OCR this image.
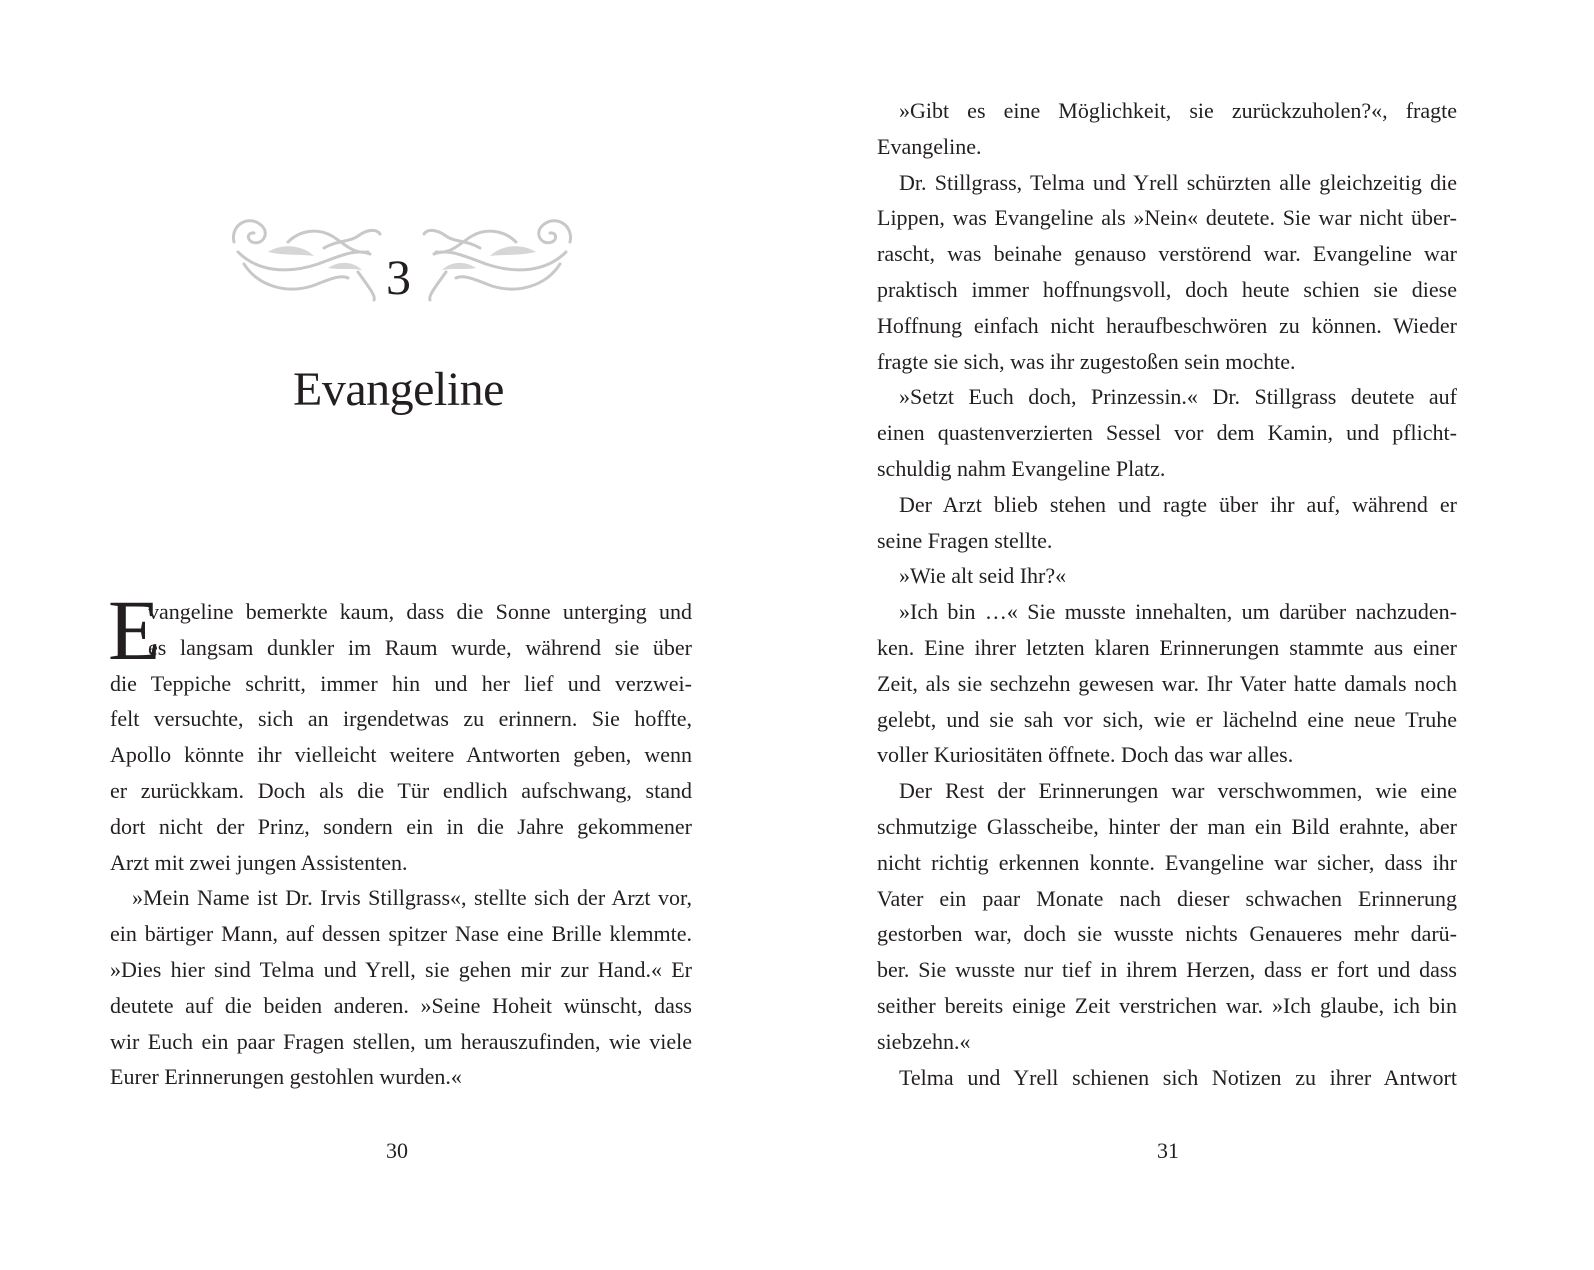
3
Evangeline
E
vangeline bemerkte kaum, dass die Sonne unterging und
es langsam dunkler im Raum wurde, während sie über
die Teppiche schritt, immer hin und her lief und verzwei-
felt versuchte, sich an irgendetwas zu erinnern. Sie hoffte,
Apollo könnte ihr vielleicht weitere Antworten geben, wenn
er zurückkam. Doch als die Tür endlich aufschwang, stand
dort nicht der Prinz, sondern ein in die Jahre gekommener
Arzt mit zwei jungen Assistenten.
»Mein Name ist Dr. Irvis Stillgrass«, stellte sich der Arzt vor,
ein bärtiger Mann, auf dessen spitzer Nase eine Brille klemmte.
»Dies hier sind Telma und Yrell, sie gehen mir zur Hand.« Er
deutete auf die beiden anderen. »Seine Hoheit wünscht, dass
wir Euch ein paar Fragen stellen, um herauszufinden, wie viele
Eurer Erinnerungen gestohlen wurden.«
30
»Gibt es eine Möglichkeit, sie zurückzuholen?«, fragte
Evangeline.
Dr. Stillgrass, Telma und Yrell schürzten alle gleichzeitig die
Lippen, was Evangeline als »Nein« deutete. Sie war nicht über-
rascht, was beinahe genauso verstörend war. Evangeline war
praktisch immer hoffnungsvoll, doch heute schien sie diese
Hoffnung einfach nicht heraufbeschwören zu können. Wieder
fragte sie sich, was ihr zugestoßen sein mochte.
»Setzt Euch doch, Prinzessin.« Dr. Stillgrass deutete auf
einen quastenverzierten Sessel vor dem Kamin, und pflicht-
schuldig nahm Evangeline Platz.
Der Arzt blieb stehen und ragte über ihr auf, während er
seine Fragen stellte.
»Wie alt seid Ihr?«
»Ich bin …« Sie musste innehalten, um darüber nachzuden-
ken. Eine ihrer letzten klaren Erinnerungen stammte aus einer
Zeit, als sie sechzehn gewesen war. Ihr Vater hatte damals noch
gelebt, und sie sah vor sich, wie er lächelnd eine neue Truhe
voller Kuriositäten öffnete. Doch das war alles.
Der Rest der Erinnerungen war verschwommen, wie eine
schmutzige Glasscheibe, hinter der man ein Bild erahnte, aber
nicht richtig erkennen konnte. Evangeline war sicher, dass ihr
Vater ein paar Monate nach dieser schwachen Erinnerung
gestorben war, doch sie wusste nichts Genaueres mehr darü-
ber. Sie wusste nur tief in ihrem Herzen, dass er fort und dass
seither bereits einige Zeit verstrichen war. »Ich glaube, ich bin
siebzehn.«
Telma und Yrell schienen sich Notizen zu ihrer Antwort
31
